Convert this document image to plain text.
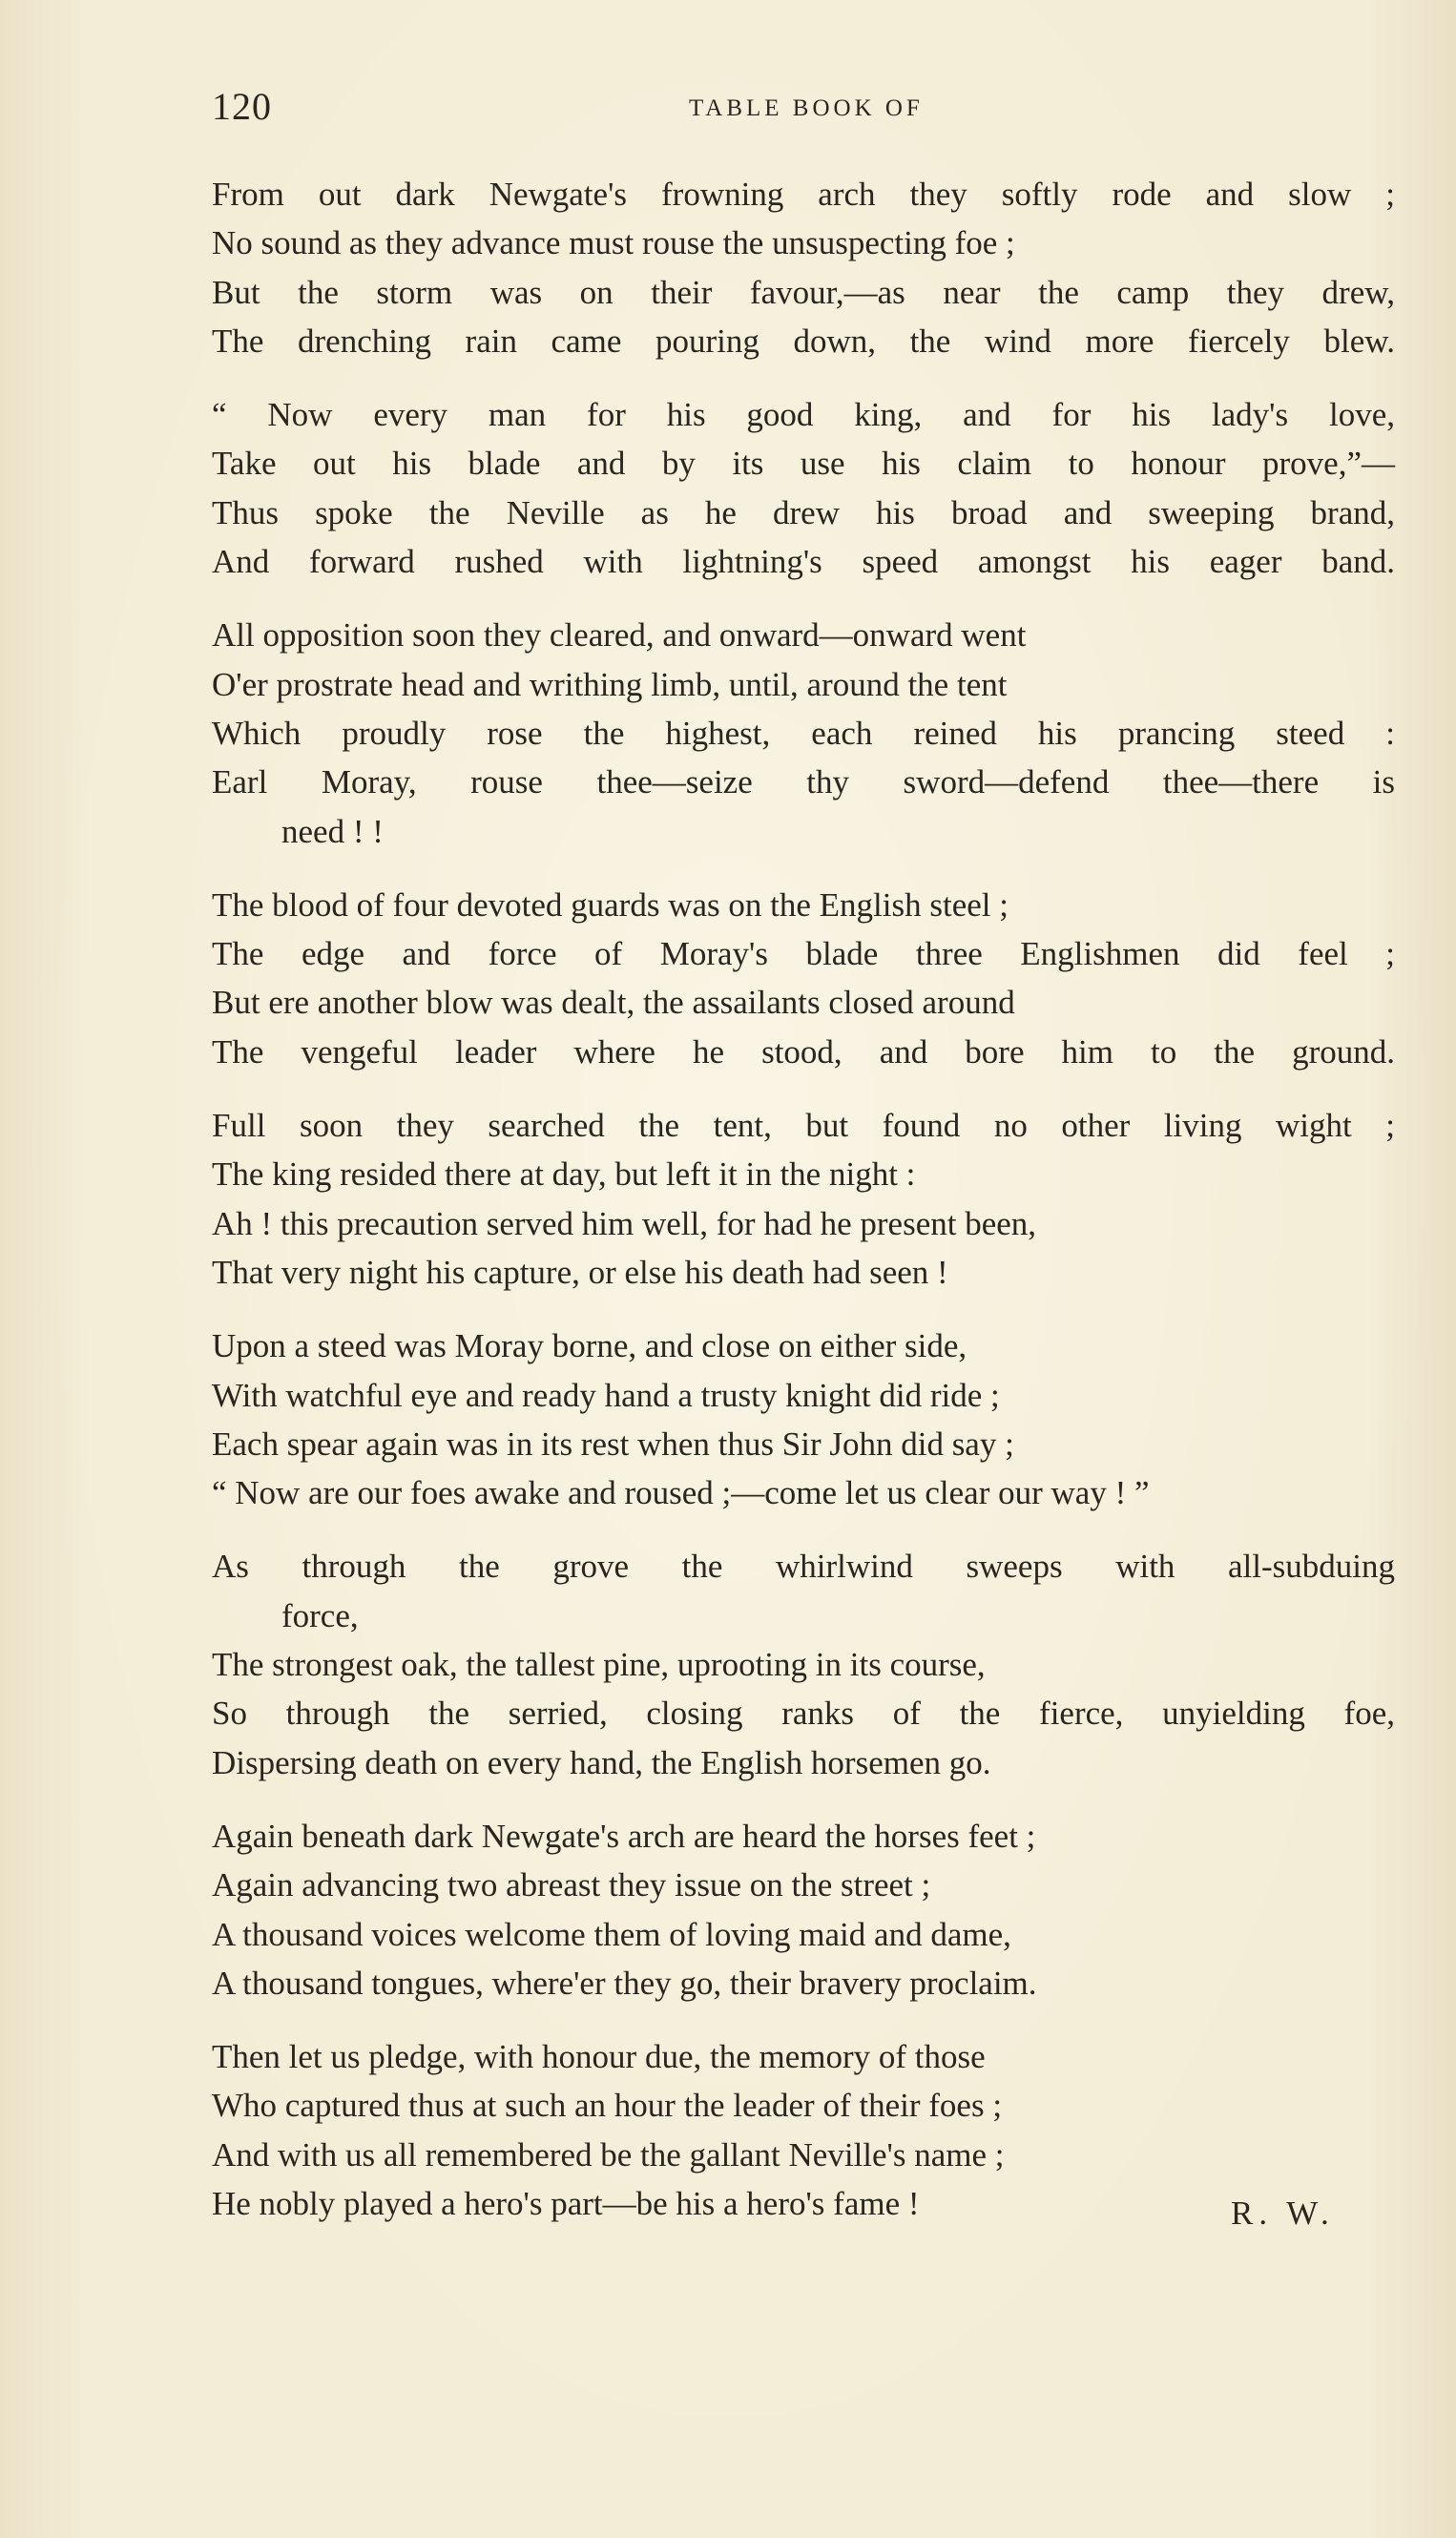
120	TABLE BOOK OF
From out dark Newgate's frowning arch they softly rode and slow ;
No sound as they advance must rouse the unsuspecting foe ;
But the storm was on their favour,—as near the camp they drew,
The drenching rain came pouring down, the wind more fiercely blew.
“ Now every man for his good king, and for his lady's love,
Take out his blade and by its use his claim to honour prove,”—
Thus spoke the Neville as he drew his broad and sweeping brand,
And forward rushed with lightning's speed amongst his eager band.
All opposition soon they cleared, and onward—onward went
O'er prostrate head and writhing limb, until, around the tent
Which proudly rose the highest, each reined his prancing steed :
Earl Moray, rouse thee—seize thy sword—defend thee—there is
need ! !
The blood of four devoted guards was on the English steel ;
The edge and force of Moray's blade three Englishmen did feel ;
But ere another blow was dealt, the assailants closed around
The vengeful leader where he stood, and bore him to the ground.
Full soon they searched the tent, but found no other living wight ;
The king resided there at day, but left it in the night :
Ah ! this precaution served him well, for had he present been,
That very night his capture, or else his death had seen !
Upon a steed was Moray borne, and close on either side,
With watchful eye and ready hand a trusty knight did ride ;
Each spear again was in its rest when thus Sir John did say ;
“ Now are our foes awake and roused ;—come let us clear our way ! ”
As through the grove the whirlwind sweeps with all-subduing
force,
The strongest oak, the tallest pine, uprooting in its course,
So through the serried, closing ranks of the fierce, unyielding foe,
Dispersing death on every hand, the English horsemen go.
Again beneath dark Newgate's arch are heard the horses feet ;
Again advancing two abreast they issue on the street ;
A thousand voices welcome them of loving maid and dame,
A thousand tongues, where'er they go, their bravery proclaim.
Then let us pledge, with honour due, the memory of those
Who captured thus at such an hour the leader of their foes ;
And with us all remembered be the gallant Neville's name ;
He nobly played a hero's part—be his a hero's fame !	R. W.
